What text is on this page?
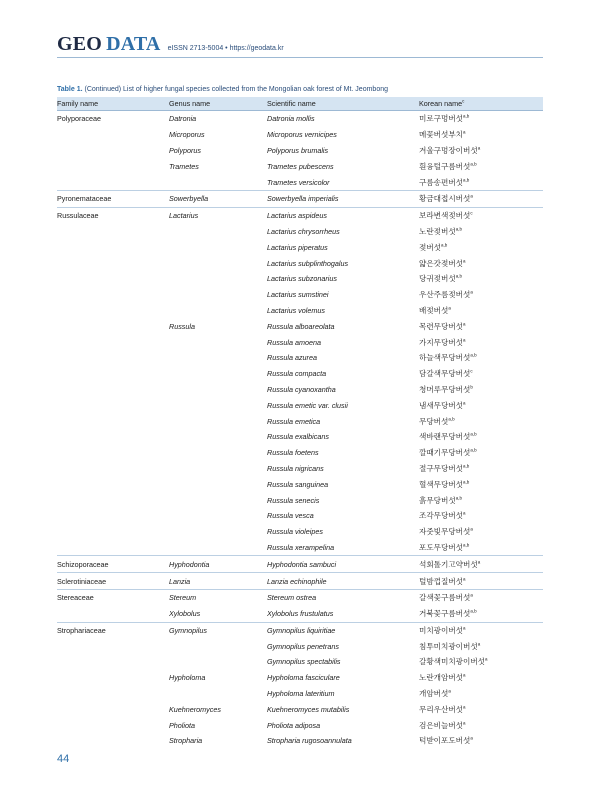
GEO DATA eISSN 2713-5004 • https://geodata.kr
Table 1. (Continued) List of higher fungal species collected from the Mongolian oak forest of Mt. Jeombong
Family name	Genus name	Scientific name	Korean name$^c$
Polyporaceae	Datronia	Datronia mollis	미로구멍버섯$^{a,b}$
	Microporus	Microporus vernicipes	메꽃버섯부치$^a$
	Polyporus	Polyporus brumalis	겨울구멍장이버섯$^a$
	Trametes	Trametes pubescens	흰융털구름버섯$^{a,b}$
		Trametes versicolor	구름송편버섯$^{a,b}$
Pyronemataceae	Sowerbyella	Sowerbyella imperialis	황금대접시버섯$^a$
Russulaceae	Lactarius	Lactarius aspideus	보라변색젖버섯$^c$
		Lactarius chrysorrheus	노란젖버섯$^{a,b}$
		Lactarius piperatus	젖버섯$^{a,b}$
		Lactarius subplinthogalus	얇은갓젖버섯$^a$
		Lactarius subzonarius	당귀젖버섯$^{a,b}$
		Lactarius sumstinei	우산주름젖버섯$^a$
		Lactarius volemus	배젖버섯$^a$
	Russula	Russula alboareolata	목련무당버섯$^a$
		Russula amoena	가지무당버섯$^a$
		Russula azurea	하늘색무당버섯$^{a,b}$
		Russula compacta	담갈색무당버섯$^c$
		Russula cyanoxantha	청머루무당버섯$^b$
		Russula emetic var. clusii	냄새무당버섯$^a$
		Russula emetica	무당버섯$^{a,b}$
		Russula exalbicans	색바랜무당버섯$^{a,b}$
		Russula foetens	깔때기무당버섯$^{a,b}$
		Russula nigricans	절구무당버섯$^{a,b}$
		Russula sanguinea	혈색무당버섯$^{a,b}$
		Russula senecis	흙무당버섯$^{a,b}$
		Russula vesca	조각무당버섯$^a$
		Russula violeipes	자줏빛무당버섯$^a$
		Russula xerampelina	포도무당버섯$^{a,b}$
Schizoporaceae	Hyphodontia	Hyphodontia sambuci	석회톨기고약버섯$^a$
Sclerotiniaceae	Lanzia	Lanzia echinophile	털밤껍질버섯$^a$
Stereaceae	Stereum	Stereum ostrea	갈색꽃구름버섯$^a$
	Xylobolus	Xylobolus frustulatus	거북꽃구름버섯$^{a,b}$
Strophariaceae	Gymnopilus	Gymnopilus liquiritiae	미치광이버섯$^a$
		Gymnopilus penetrans	침투미치광이버섯$^a$
		Gymnopilus spectabilis	갈황색미치광이버섯$^a$
	Hypholoma	Hypholoma fasciculare	노란개암버섯$^a$
		Hypholoma lateritium	개암버섯$^a$
	Kuehneromyces	Kuehneromyces mutabilis	무리우산버섯$^a$
	Pholiota	Pholiota adiposa	검은비늘버섯$^a$
	Stropharia	Stropharia rugosoannulata	턱받이포도버섯$^a$
44
